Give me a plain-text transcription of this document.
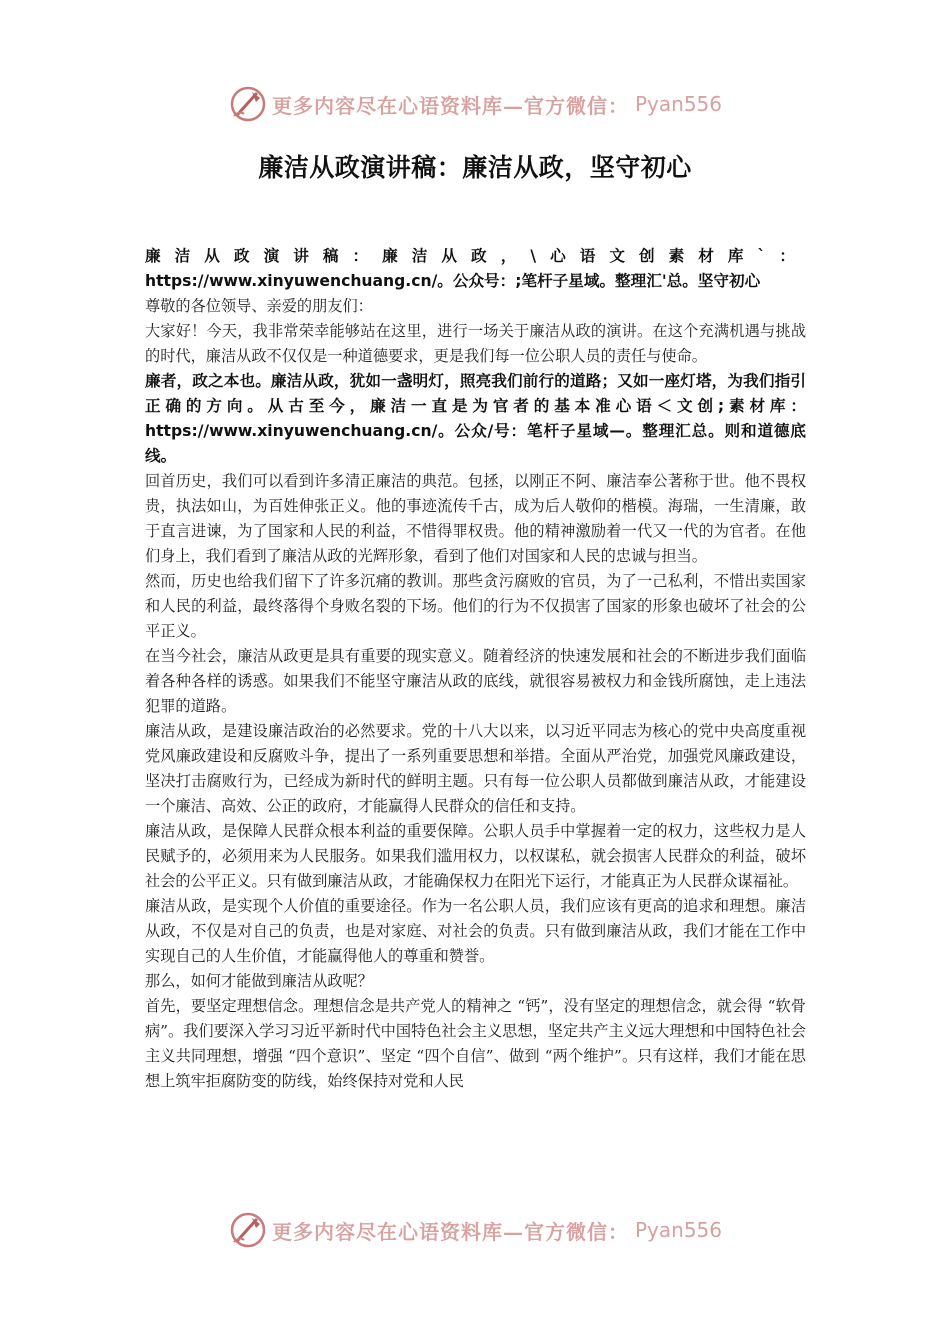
更多内容尽在心语资料库—官方微信： Pyan556
廉洁从政演讲稿：廉洁从政，坚守初心

廉洁从政演讲稿：廉洁从政，\心语文创素材库`： https://www.xinyuwenchuang.cn/。公众号：;笔杆子星域。整理汇'总。坚守初心

尊敬的各位领导、亲爱的朋友们：

大家好！今天，我非常荣幸能够站在这里，进行一场关于廉洁从政的演讲。在这个充满机遇与挑战的时代，廉洁从政不仅仅是一种道德要求，更是我们每一位公职人员的责任与使命。

廉者，政之本也。廉洁从政，犹如一盏明灯，照亮我们前行的道路；又如一座灯塔，为我们指引正确的方向。从古至今，廉洁一直是为官者的基本准心语＜文创;素材库：https://www.xinyuwenchuang.cn/。公众/号：笔杆子星域—。整理汇总。则和道德底线。

回首历史，我们可以看到许多清正廉洁的典范。包拯，以刚正不阿、廉洁奉公著称于世。他不畏权贵，执法如山，为百姓伸张正义。他的事迹流传千古，成为后人敬仰的楷模。海瑞，一生清廉，敢于直言进谏，为了国家和人民的利益，不惜得罪权贵。他的精神激励着一代又一代的为官者。在他们身上，我们看到了廉洁从政的光辉形象，看到了他们对国家和人民的忠诚与担当。

然而，历史也给我们留下了许多沉痛的教训。那些贪污腐败的官员，为了一己私利，不惜出卖国家和人民的利益，最终落得个身败名裂的下场。他们的行为不仅损害了国家的形象也破坏了社会的公平正义。

在当今社会，廉洁从政更是具有重要的现实意义。随着经济的快速发展和社会的不断进步我们面临着各种各样的诱惑。如果我们不能坚守廉洁从政的底线，就很容易被权力和金钱所腐蚀，走上违法犯罪的道路。

廉洁从政，是建设廉洁政治的必然要求。党的十八大以来，以习近平同志为核心的党中央高度重视党风廉政建设和反腐败斗争，提出了一系列重要思想和举措。全面从严治党，加强党风廉政建设，坚决打击腐败行为，已经成为新时代的鲜明主题。只有每一位公职人员都做到廉洁从政，才能建设一个廉洁、高效、公正的政府，才能赢得人民群众的信任和支持。

廉洁从政，是保障人民群众根本利益的重要保障。公职人员手中掌握着一定的权力，这些权力是人民赋予的，必须用来为人民服务。如果我们滥用权力，以权谋私，就会损害人民群众的利益，破坏社会的公平正义。只有做到廉洁从政，才能确保权力在阳光下运行，才能真正为人民群众谋福祉。

廉洁从政，是实现个人价值的重要途径。作为一名公职人员，我们应该有更高的追求和理想。廉洁从政，不仅是对自己的负责，也是对家庭、对社会的负责。只有做到廉洁从政，我们才能在工作中实现自己的人生价值，才能赢得他人的尊重和赞誉。

那么，如何才能做到廉洁从政呢？

首先，要坚定理想信念。理想信念是共产党人的精神之 “钙”，没有坚定的理想信念，就会得 “软骨病”。我们要深入学习习近平新时代中国特色社会主义思想，坚定共产主义远大理想和中国特色社会主义共同理想，增强 “四个意识”、坚定 “四个自信”、做到 “两个维护”。只有这样，我们才能在思想上筑牢拒腐防变的防线，始终保持对党和人民

更多内容尽在心语资料库—官方微信： Pyan556
